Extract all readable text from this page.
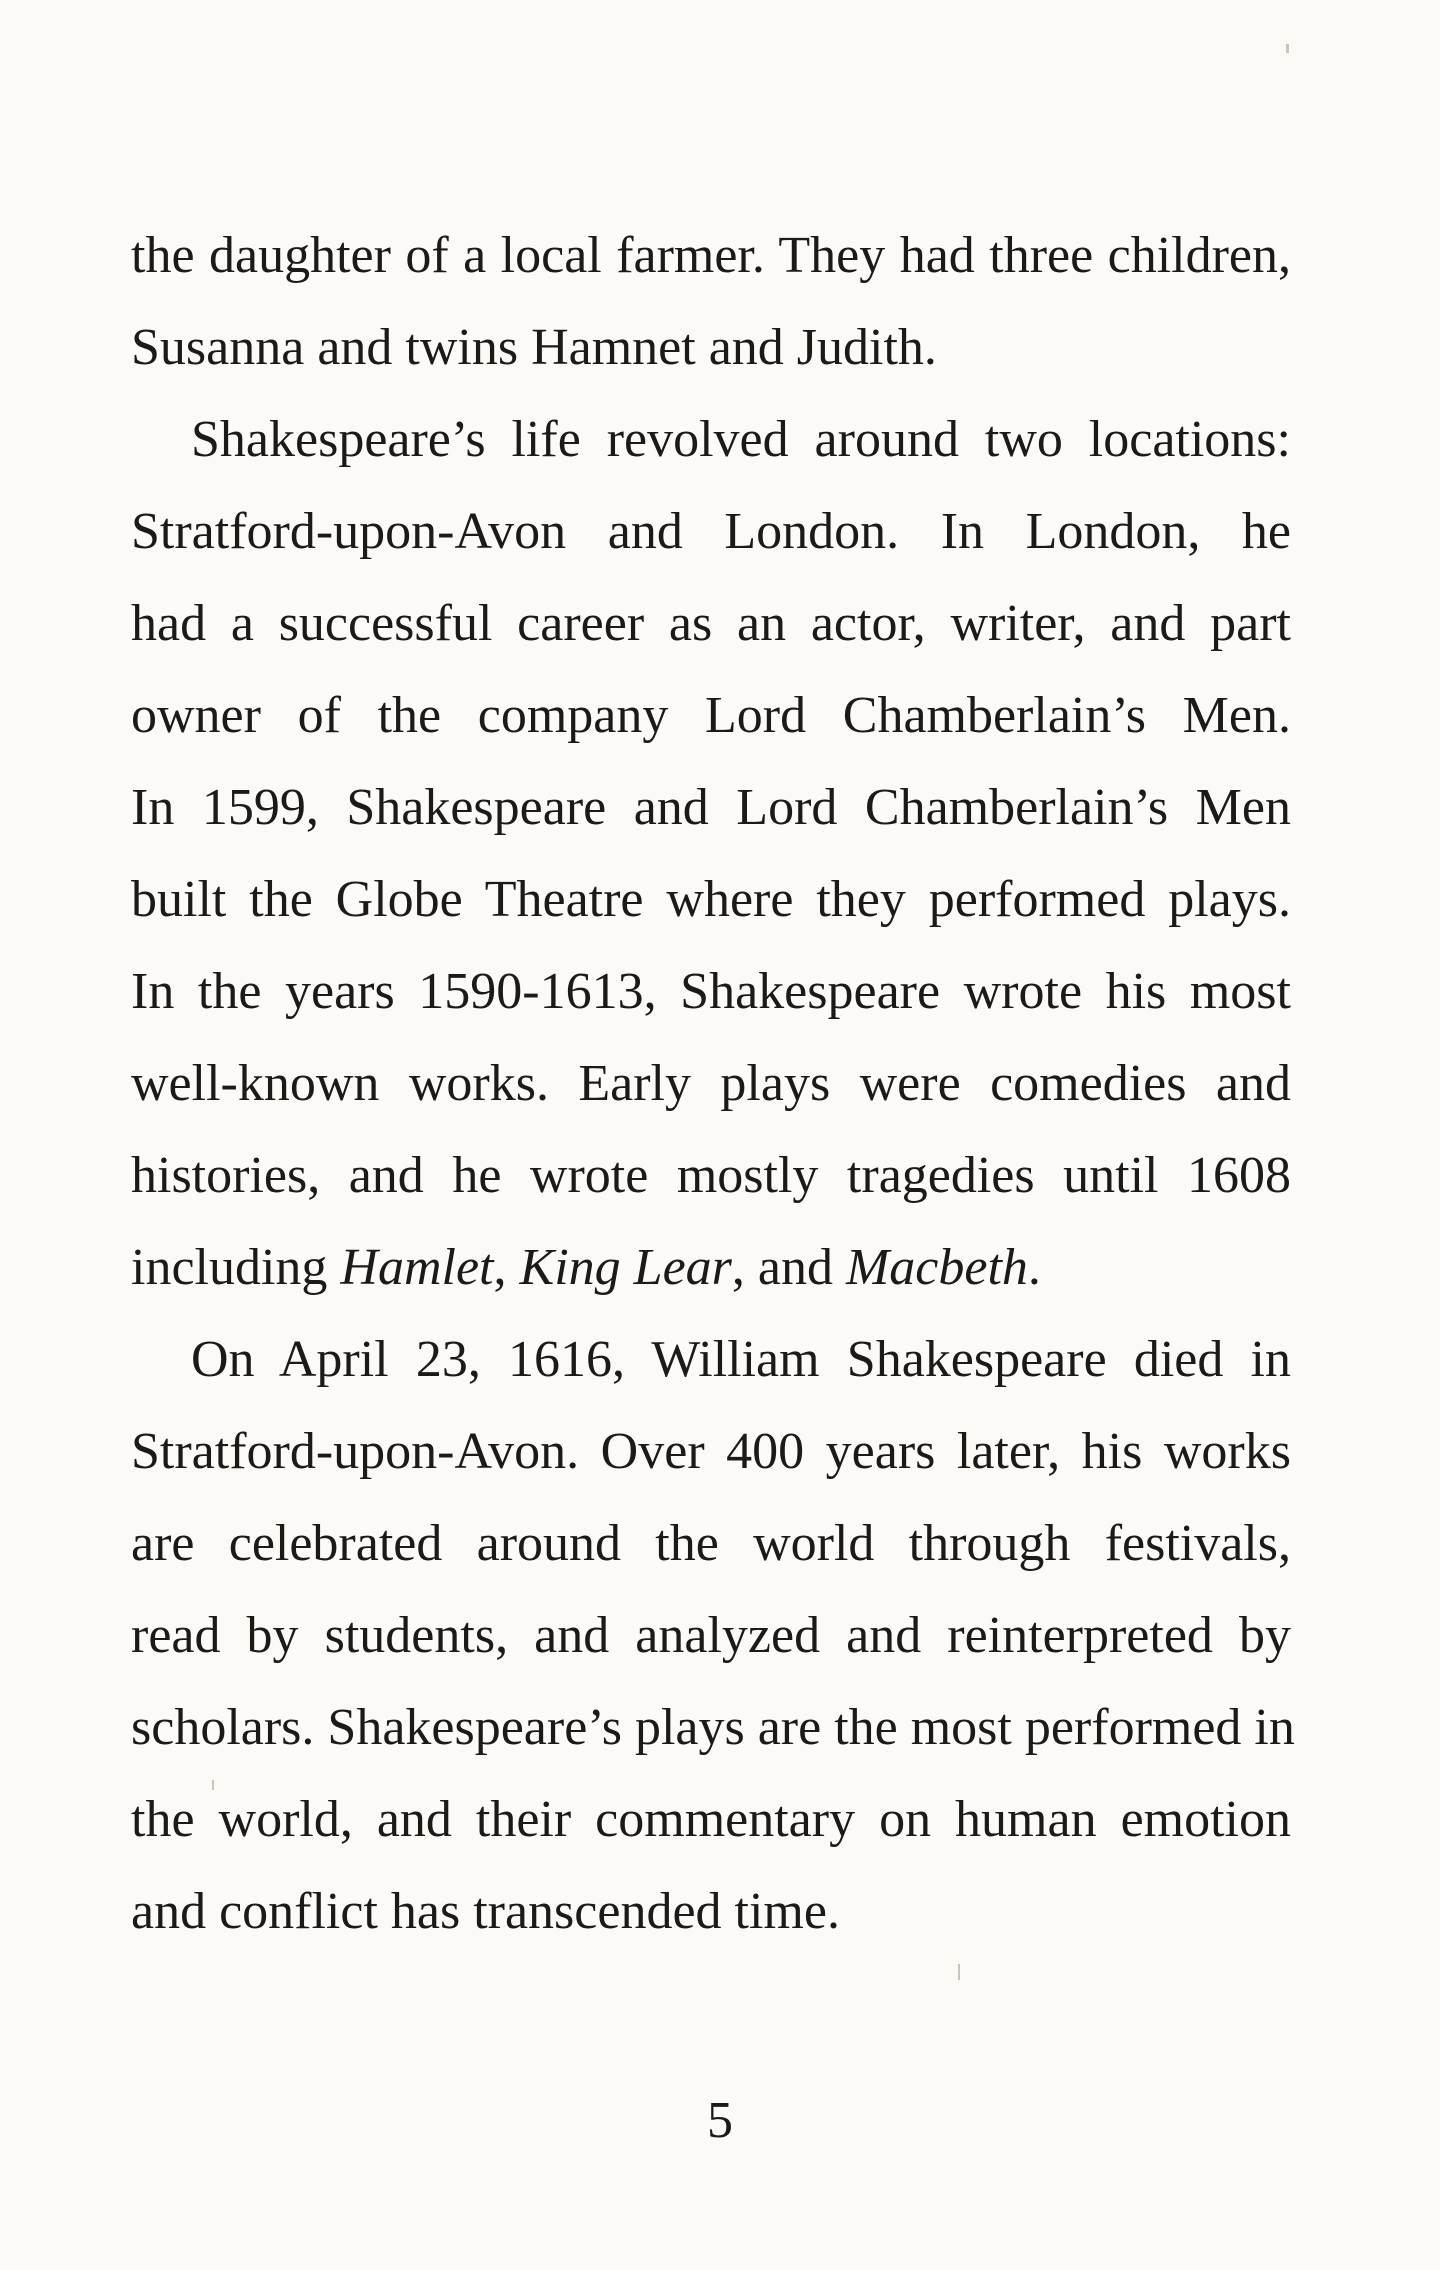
the daughter of a local farmer. They had three children,
Susanna and twins Hamnet and Judith.
Shakespeare’s life revolved around two locations:
Stratford-upon-Avon and London. In London, he
had a successful career as an actor, writer, and part
owner of the company Lord Chamberlain’s Men.
In 1599, Shakespeare and Lord Chamberlain’s Men
built the Globe Theatre where they performed plays.
In the years 1590-1613, Shakespeare wrote his most
well-known works. Early plays were comedies and
histories, and he wrote mostly tragedies until 1608
including Hamlet, King Lear, and Macbeth.
On April 23, 1616, William Shakespeare died in
Stratford-upon-Avon. Over 400 years later, his works
are celebrated around the world through festivals,
read by students, and analyzed and reinterpreted by
scholars. Shakespeare’s plays are the most performed in
the world, and their commentary on human emotion
and conflict has transcended time.
5
